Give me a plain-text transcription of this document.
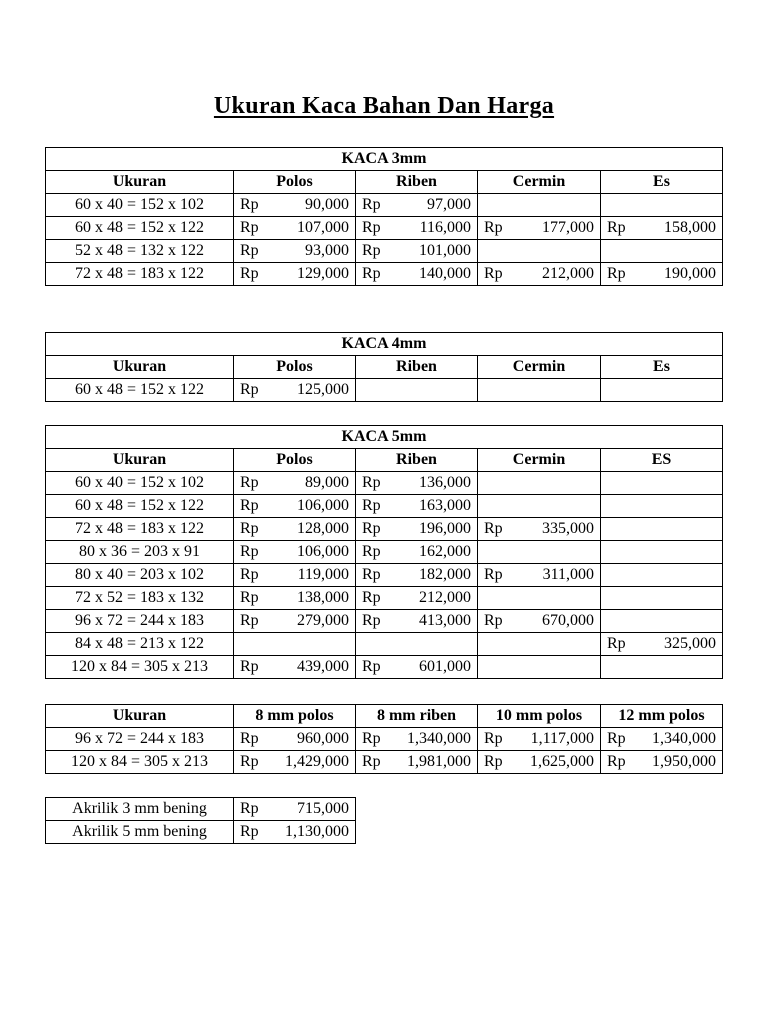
Ukuran Kaca Bahan Dan Harga
KACA 3mm				
Ukuran	Polos	Riben	Cermin	Es
60 x 40 = 152 x 102	Rp 90,000	Rp 97,000		

60 x 48 = 152 x 122	Rp 107,000	Rp 116,000	Rp 177,000	Rp 158,000

52 x 48 = 132 x 122	Rp 93,000	Rp 101,000		

72 x 48 = 183 x 122	Rp 129,000	Rp 140,000	Rp 212,000	Rp 190,000
KACA 4mm				
Ukuran	Polos	Riben	Cermin	Es
60 x 48 = 152 x 122	Rp 125,000			

KACA 5mm				
Ukuran	Polos	Riben	Cermin	ES
60 x 40 = 152 x 102	Rp 89,000	Rp 136,000		

60 x 48 = 152 x 122	Rp 106,000	Rp 163,000		

72 x 48 = 183 x 122	Rp 128,000	Rp 196,000	Rp 335,000	

80 x 36 = 203 x 91	Rp 106,000	Rp 162,000		

80 x 40 = 203 x 102	Rp 119,000	Rp 182,000	Rp 311,000	

72 x 52 = 183 x 132	Rp 138,000	Rp 212,000		

96 x 72 = 244 x 183	Rp 279,000	Rp 413,000	Rp 670,000	

84 x 48 = 213 x 122				Rp 325,000

120 x 84 = 305 x 213	Rp 439,000	Rp 601,000		

Ukuran	8 mm polos	8 mm riben	10 mm polos	12 mm polos
96 x 72 = 244 x 183	Rp 960,000	Rp 1,340,000	Rp 1,117,000	Rp 1,340,000

120 x 84 = 305 x 213	Rp 1,429,000	Rp 1,981,000	Rp 1,625,000	Rp 1,950,000
Akrilik 3 mm bening	Rp 715,000

Akrilik 5 mm bening	Rp 1,130,000
